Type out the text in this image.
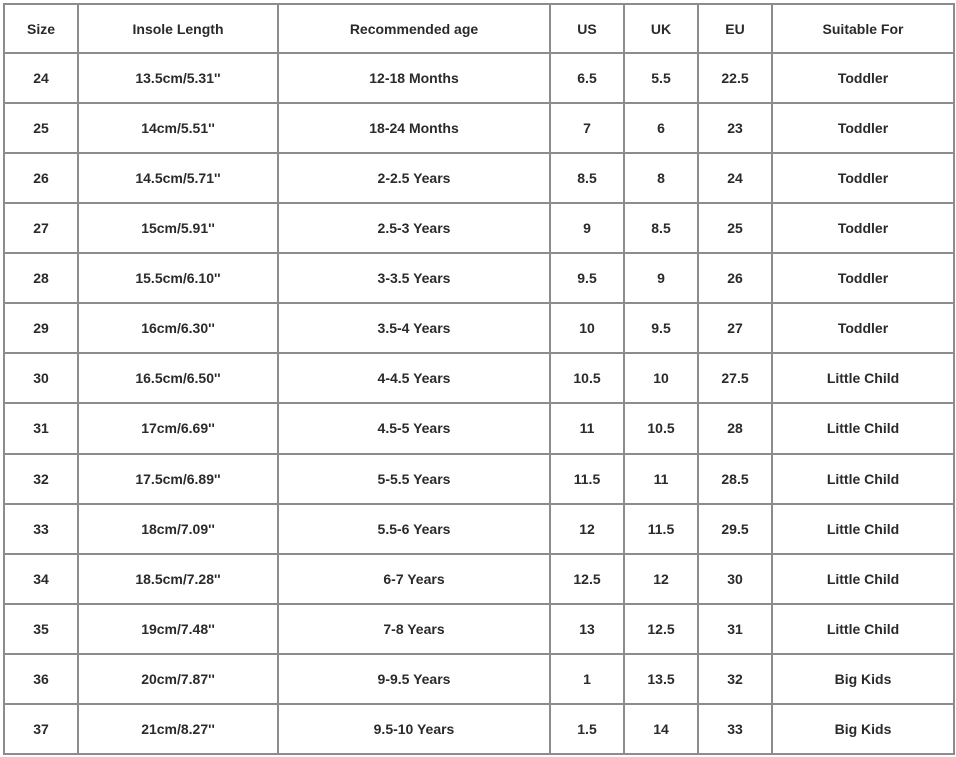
Size	Insole Length	Recommended age	US	UK	EU	Suitable For
24	13.5cm/5.31''	12-18 Months	6.5	5.5	22.5	Toddler
25	14cm/5.51''	18-24 Months	7	6	23	Toddler
26	14.5cm/5.71''	2-2.5 Years	8.5	8	24	Toddler
27	15cm/5.91''	2.5-3 Years	9	8.5	25	Toddler
28	15.5cm/6.10''	3-3.5 Years	9.5	9	26	Toddler
29	16cm/6.30''	3.5-4 Years	10	9.5	27	Toddler
30	16.5cm/6.50''	4-4.5 Years	10.5	10	27.5	Little Child
31	17cm/6.69''	4.5-5 Years	11	10.5	28	Little Child
32	17.5cm/6.89''	5-5.5 Years	11.5	11	28.5	Little Child
33	18cm/7.09''	5.5-6 Years	12	11.5	29.5	Little Child
34	18.5cm/7.28''	6-7 Years	12.5	12	30	Little Child
35	19cm/7.48''	7-8 Years	13	12.5	31	Little Child
36	20cm/7.87''	9-9.5 Years	1	13.5	32	Big Kids
37	21cm/8.27''	9.5-10 Years	1.5	14	33	Big Kids
